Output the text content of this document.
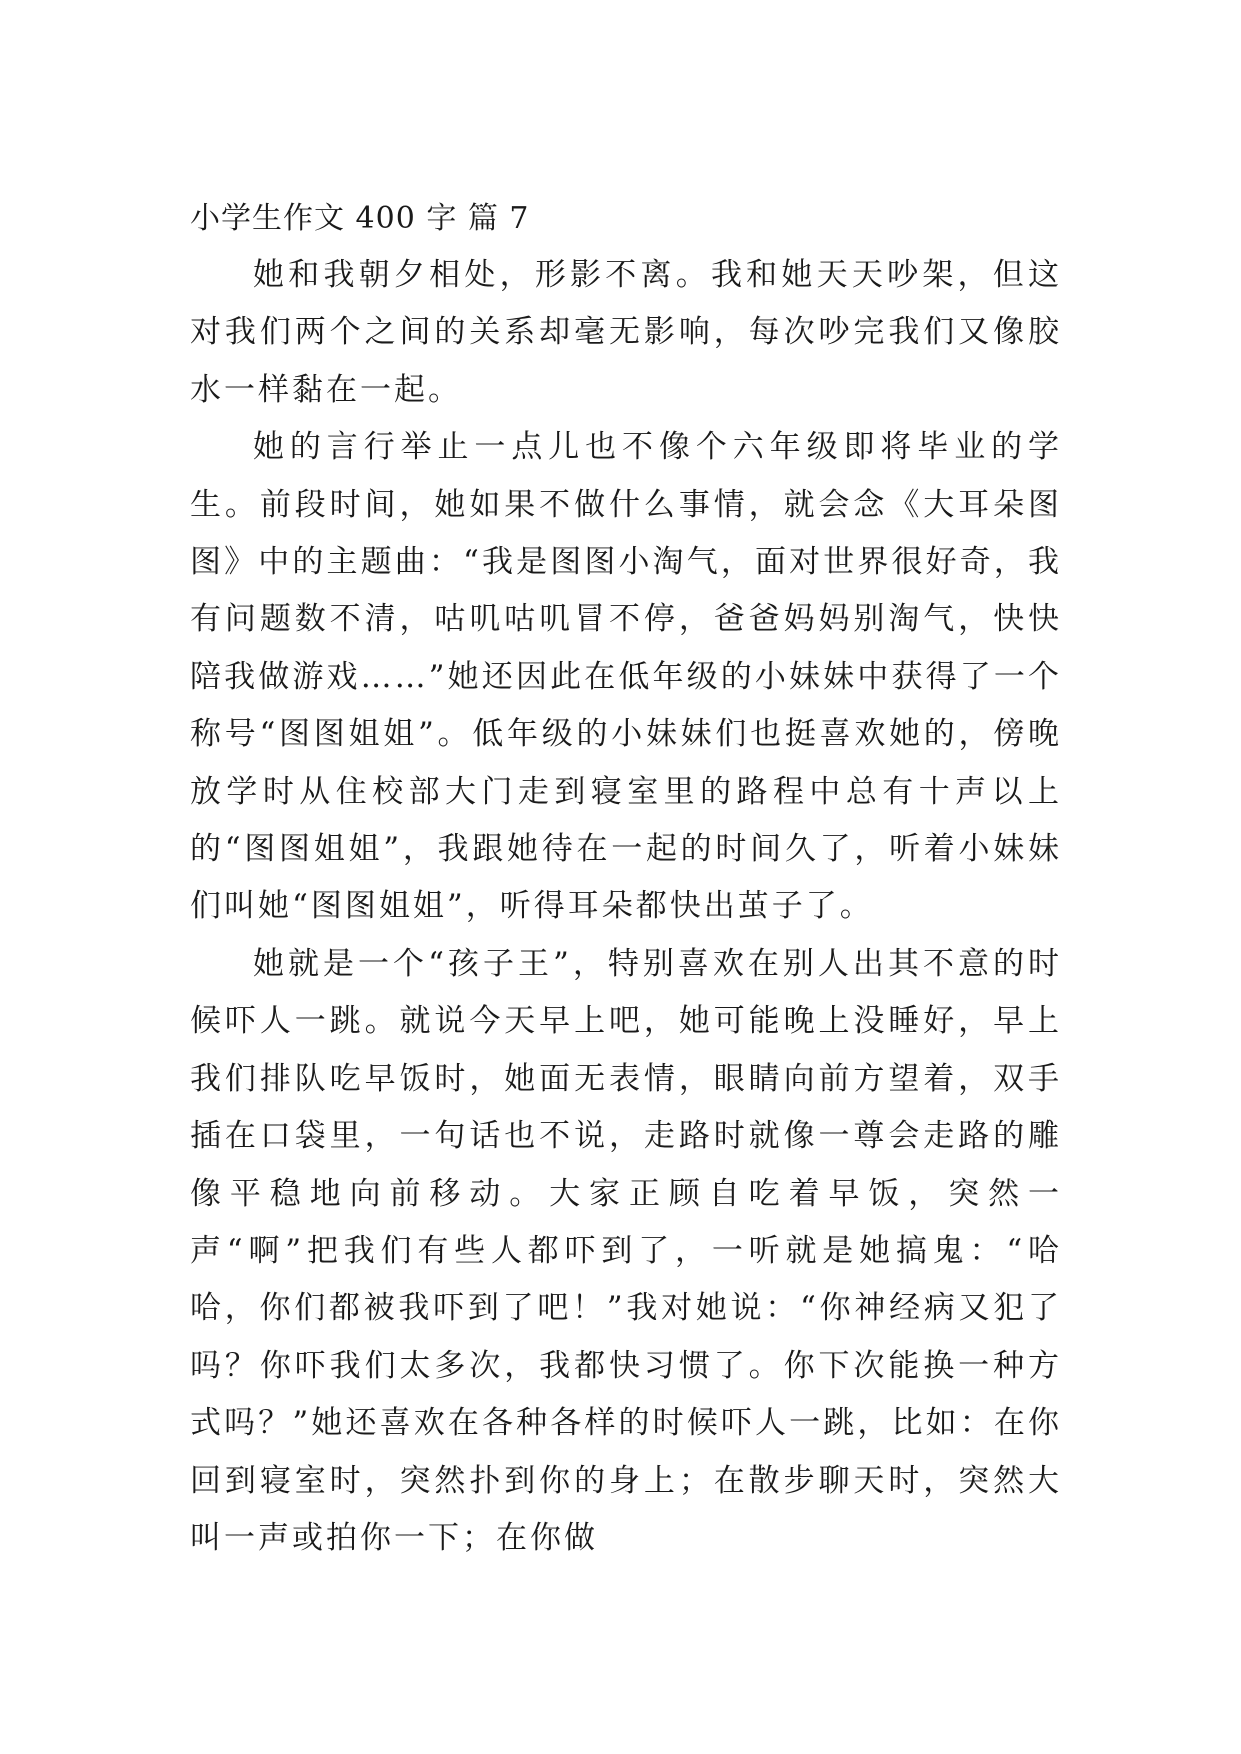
小学生作文 400 字 篇 7

她和我朝夕相处，形影不离。我和她天天吵架，但这对我们两个之间的关系却毫无影响，每次吵完我们又像胶水一样黏在一起。

她的言行举止一点儿也不像个六年级即将毕业的学生。前段时间，她如果不做什么事情，就会念《大耳朵图图》中的主题曲：“我是图图小淘气，面对世界很好奇，我有问题数不清，咕叽咕叽冒不停，爸爸妈妈别淘气，快快陪我做游戏……”她还因此在低年级的小妹妹中获得了一个称号“图图姐姐”。低年级的小妹妹们也挺喜欢她的，傍晚放学时从住校部大门走到寝室里的路程中总有十声以上的“图图姐姐”，我跟她待在一起的时间久了，听着小妹妹们叫她“图图姐姐”，听得耳朵都快出茧子了。

她就是一个“孩子王”，特别喜欢在别人出其不意的时候吓人一跳。就说今天早上吧，她可能晚上没睡好，早上我们排队吃早饭时，她面无表情，眼睛向前方望着，双手插在口袋里，一句话也不说，走路时就像一尊会走路的雕像平稳地向前移动。大家正顾自吃着早饭，突然一声“啊”把我们有些人都吓到了，一听就是她搞鬼：“哈哈，你们都被我吓到了吧！”我对她说：“你神经病又犯了吗？你吓我们太多次，我都快习惯了。你下次能换一种方式吗？”她还喜欢在各种各样的时候吓人一跳，比如：在你回到寝室时，突然扑到你的身上；在散步聊天时，突然大叫一声或拍你一下；在你做
